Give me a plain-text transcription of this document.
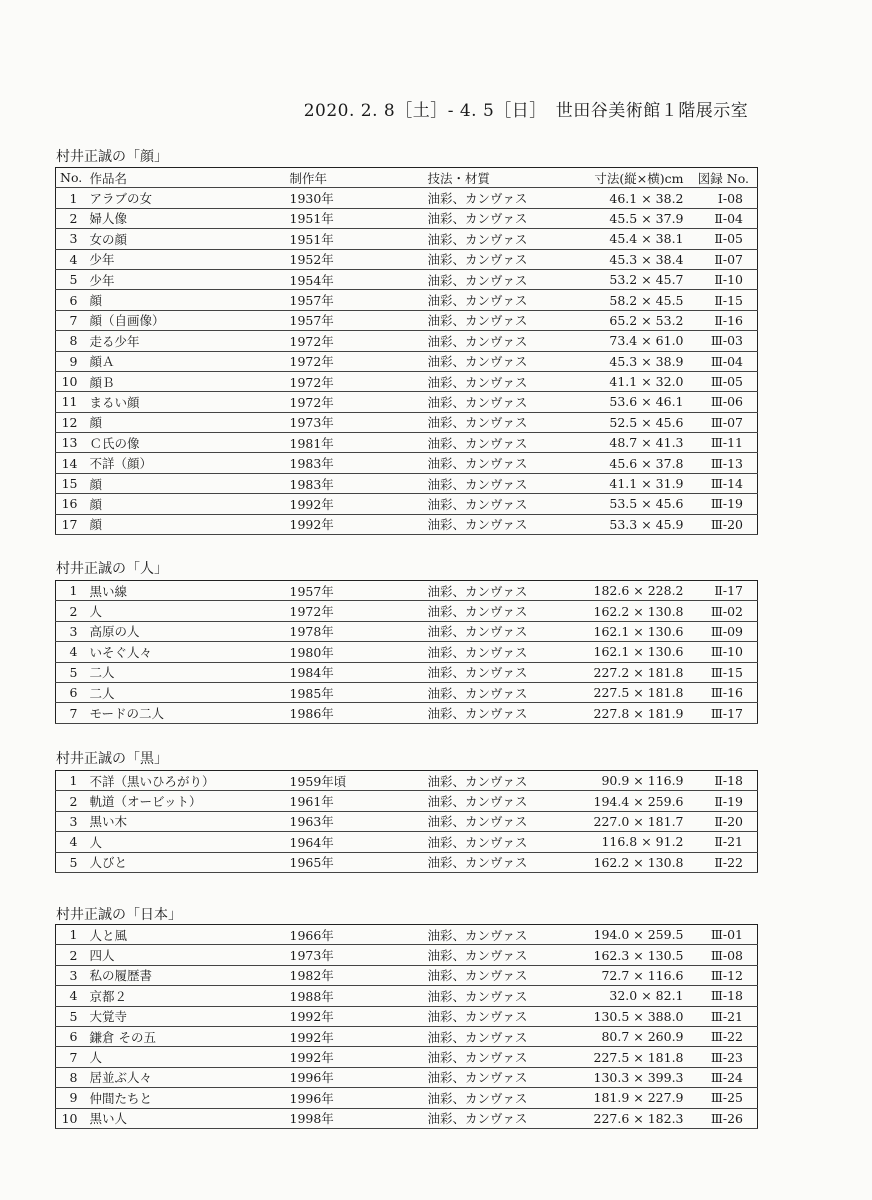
2020. 2. 8［土］- 4. 5［日］　世田谷美術館１階展示室
村井正誠の「顔」
No.	作品名	制作年	技法・材質	寸法(縦×横)cm	図録 No.
1	アラブの女	1930年	油彩、カンヴァス	46.1 × 38.2	Ⅰ-08
2	婦人像	1951年	油彩、カンヴァス	45.5 × 37.9	Ⅱ-04
3	女の顔	1951年	油彩、カンヴァス	45.4 × 38.1	Ⅱ-05
4	少年	1952年	油彩、カンヴァス	45.3 × 38.4	Ⅱ-07
5	少年	1954年	油彩、カンヴァス	53.2 × 45.7	Ⅱ-10
6	顔	1957年	油彩、カンヴァス	58.2 × 45.5	Ⅱ-15
7	顔（自画像）	1957年	油彩、カンヴァス	65.2 × 53.2	Ⅱ-16
8	走る少年	1972年	油彩、カンヴァス	73.4 × 61.0	Ⅲ-03
9	顔Ａ	1972年	油彩、カンヴァス	45.3 × 38.9	Ⅲ-04
10	顔Ｂ	1972年	油彩、カンヴァス	41.1 × 32.0	Ⅲ-05
11	まるい顔	1972年	油彩、カンヴァス	53.6 × 46.1	Ⅲ-06
12	顔	1973年	油彩、カンヴァス	52.5 × 45.6	Ⅲ-07
13	Ｃ氏の像	1981年	油彩、カンヴァス	48.7 × 41.3	Ⅲ-11
14	不詳（顔）	1983年	油彩、カンヴァス	45.6 × 37.8	Ⅲ-13
15	顔	1983年	油彩、カンヴァス	41.1 × 31.9	Ⅲ-14
16	顔	1992年	油彩、カンヴァス	53.5 × 45.6	Ⅲ-19
17	顔	1992年	油彩、カンヴァス	53.3 × 45.9	Ⅲ-20
村井正誠の「人」
1	黒い線	1957年	油彩、カンヴァス	182.6 × 228.2	Ⅱ-17
2	人	1972年	油彩、カンヴァス	162.2 × 130.8	Ⅲ-02
3	高原の人	1978年	油彩、カンヴァス	162.1 × 130.6	Ⅲ-09
4	いそぐ人々	1980年	油彩、カンヴァス	162.1 × 130.6	Ⅲ-10
5	二人	1984年	油彩、カンヴァス	227.2 × 181.8	Ⅲ-15
6	二人	1985年	油彩、カンヴァス	227.5 × 181.8	Ⅲ-16
7	モードの二人	1986年	油彩、カンヴァス	227.8 × 181.9	Ⅲ-17
村井正誠の「黒」
1	不詳（黒いひろがり）	1959年頃	油彩、カンヴァス	90.9 × 116.9	Ⅱ-18
2	軌道（オービット）	1961年	油彩、カンヴァス	194.4 × 259.6	Ⅱ-19
3	黒い木	1963年	油彩、カンヴァス	227.0 × 181.7	Ⅱ-20
4	人	1964年	油彩、カンヴァス	116.8 × 91.2	Ⅱ-21
5	人びと	1965年	油彩、カンヴァス	162.2 × 130.8	Ⅱ-22
村井正誠の「日本」
1	人と風	1966年	油彩、カンヴァス	194.0 × 259.5	Ⅲ-01
2	四人	1973年	油彩、カンヴァス	162.3 × 130.5	Ⅲ-08
3	私の履歴書	1982年	油彩、カンヴァス	72.7 × 116.6	Ⅲ-12
4	京都２	1988年	油彩、カンヴァス	32.0 × 82.1	Ⅲ-18
5	大覚寺	1992年	油彩、カンヴァス	130.5 × 388.0	Ⅲ-21
6	鎌倉 その五	1992年	油彩、カンヴァス	80.7 × 260.9	Ⅲ-22
7	人	1992年	油彩、カンヴァス	227.5 × 181.8	Ⅲ-23
8	居並ぶ人々	1996年	油彩、カンヴァス	130.3 × 399.3	Ⅲ-24
9	仲間たちと	1996年	油彩、カンヴァス	181.9 × 227.9	Ⅲ-25
10	黒い人	1998年	油彩、カンヴァス	227.6 × 182.3	Ⅲ-26
